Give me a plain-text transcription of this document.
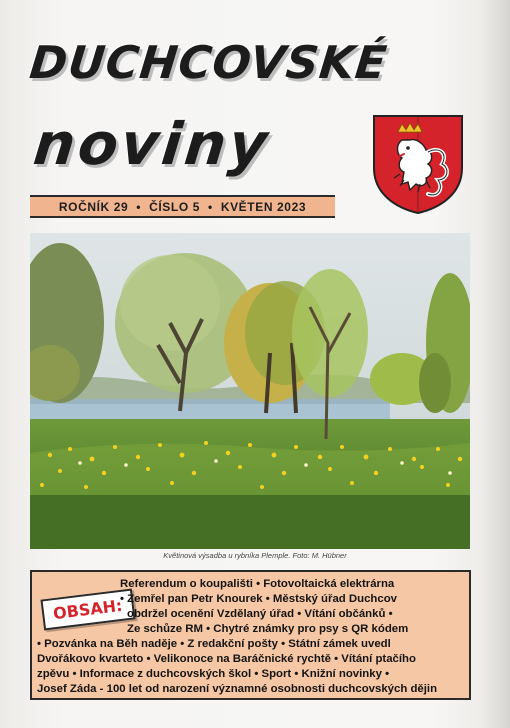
DUCHCOVSKÉ
noviny
ROČNÍK 29 • ČÍSLO 5 • KVĚTEN 2023
Květinová výsadba u rybníka Plemple. Foto: M. Hübner
OBSAH:
Referendum o koupališti • Fotovoltaická elektrárna
• Zemřel pan Petr Knourek • Městský úřad Duchcov
obdržel ocenění Vzdělaný úřad • Vítání občánků •
Ze schůze RM • Chytré známky pro psy s QR kódem
• Pozvánka na Běh naděje • Z redakční pošty • Státní zámek uvedl
Dvořákovo kvarteto • Velikonoce na Baráčnické rychtě • Vítání ptačího
zpěvu • Informace z duchcovských škol • Sport • Knižní novinky •
Josef Záda - 100 let od narození významné osobnosti duchcovských dějin
